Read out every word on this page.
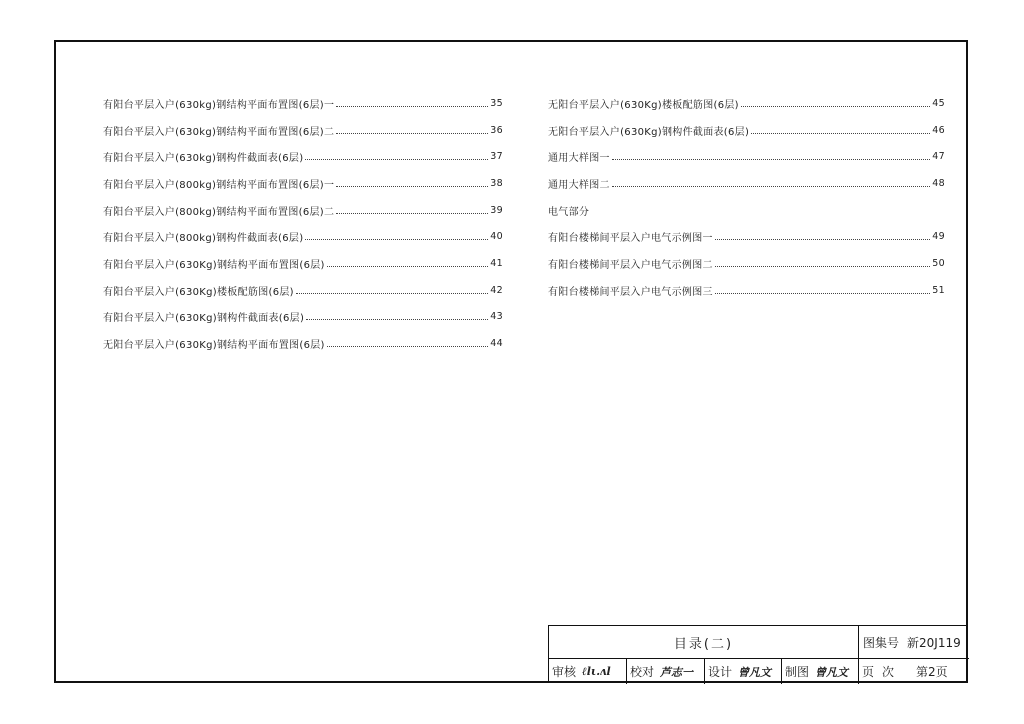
有阳台平层入户(630kg)钢结构平面布置图(6层)一	35
有阳台平层入户(630kg)钢结构平面布置图(6层)二	36
有阳台平层入户(630kg)钢构件截面表(6层)	37
有阳台平层入户(800kg)钢结构平面布置图(6层)一	38
有阳台平层入户(800kg)钢结构平面布置图(6层)二	39
有阳台平层入户(800kg)钢构件截面表(6层)	40
有阳台平层入户(630Kg)钢结构平面布置图(6层)	41
有阳台平层入户(630Kg)楼板配筋图(6层)	42
有阳台平层入户(630Kg)钢构件截面表(6层)	43
无阳台平层入户(630Kg)钢结构平面布置图(6层)	44
无阳台平层入户(630Kg)楼板配筋图(6层)	45
无阳台平层入户(630Kg)钢构件截面表(6层)	46
通用大样图一	47
通用大样图二	48
电气部分
有阳台楼梯间平层入户电气示例图一	49
有阳台楼梯间平层入户电气示例图二	50
有阳台楼梯间平层入户电气示例图三	51
目录(二)	图集号 新20J119
审核 ℓlι.ʌl 校对 芦志一 设计 曾凡文 制图 曾凡文 页次 第2页
